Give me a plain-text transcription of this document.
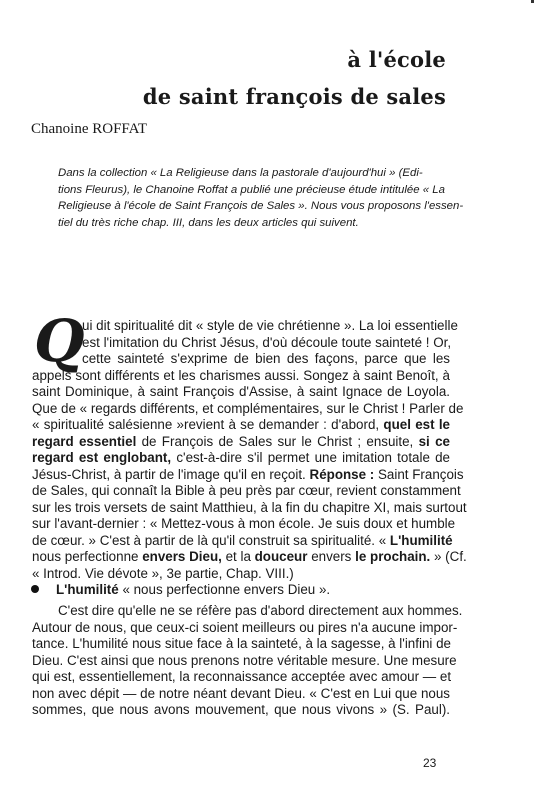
à l'école
de saint françois de sales
Chanoine ROFFAT
Dans la collection « La Religieuse dans la pastorale d'aujourd'hui » (Edi-
tions Fleurus), le Chanoine Roffat a publié une précieuse étude intitulée « La
Religieuse à l'école de Saint François de Sales ». Nous vous proposons l'essen-
tiel du très riche chap. III, dans les deux articles qui suivent.
Q
ui dit spiritualité dit « style de vie chrétienne ». La loi essentielle
est l'imitation du Christ Jésus, d'où découle toute sainteté ! Or,
cette sainteté s'exprime de bien des façons, parce que les
appels sont différents et les charismes aussi. Songez à saint Benoît, à
saint Dominique, à saint François d'Assise, à saint Ignace de Loyola.
Que de « regards différents, et complémentaires, sur le Christ ! Parler de
« spiritualité salésienne »revient à se demander : d'abord, quel est le
regard essentiel de François de Sales sur le Christ ; ensuite, si ce
regard est englobant, c'est-à-dire s'il permet une imitation totale de
Jésus-Christ, à partir de l'image qu'il en reçoit. Réponse : Saint François
de Sales, qui connaît la Bible à peu près par cœur, revient constamment
sur les trois versets de saint Matthieu, à la fin du chapitre XI, mais surtout
sur l'avant-dernier : « Mettez-vous à mon école. Je suis doux et humble
de cœur. » C'est à partir de là qu'il construit sa spiritualité. « L'humilité
nous perfectionne envers Dieu, et la douceur envers le prochain. » (Cf.
« Introd. Vie dévote », 3e partie, Chap. VIII.)
L'humilité « nous perfectionne envers Dieu ».
C'est dire qu'elle ne se réfère pas d'abord directement aux hommes.
Autour de nous, que ceux-ci soient meilleurs ou pires n'a aucune impor-
tance. L'humilité nous situe face à la sainteté, à la sagesse, à l'infini de
Dieu. C'est ainsi que nous prenons notre véritable mesure. Une mesure
qui est, essentiellement, la reconnaissance acceptée avec amour — et
non avec dépit — de notre néant devant Dieu. « C'est en Lui que nous
sommes, que nous avons mouvement, que nous vivons » (S. Paul).
23
